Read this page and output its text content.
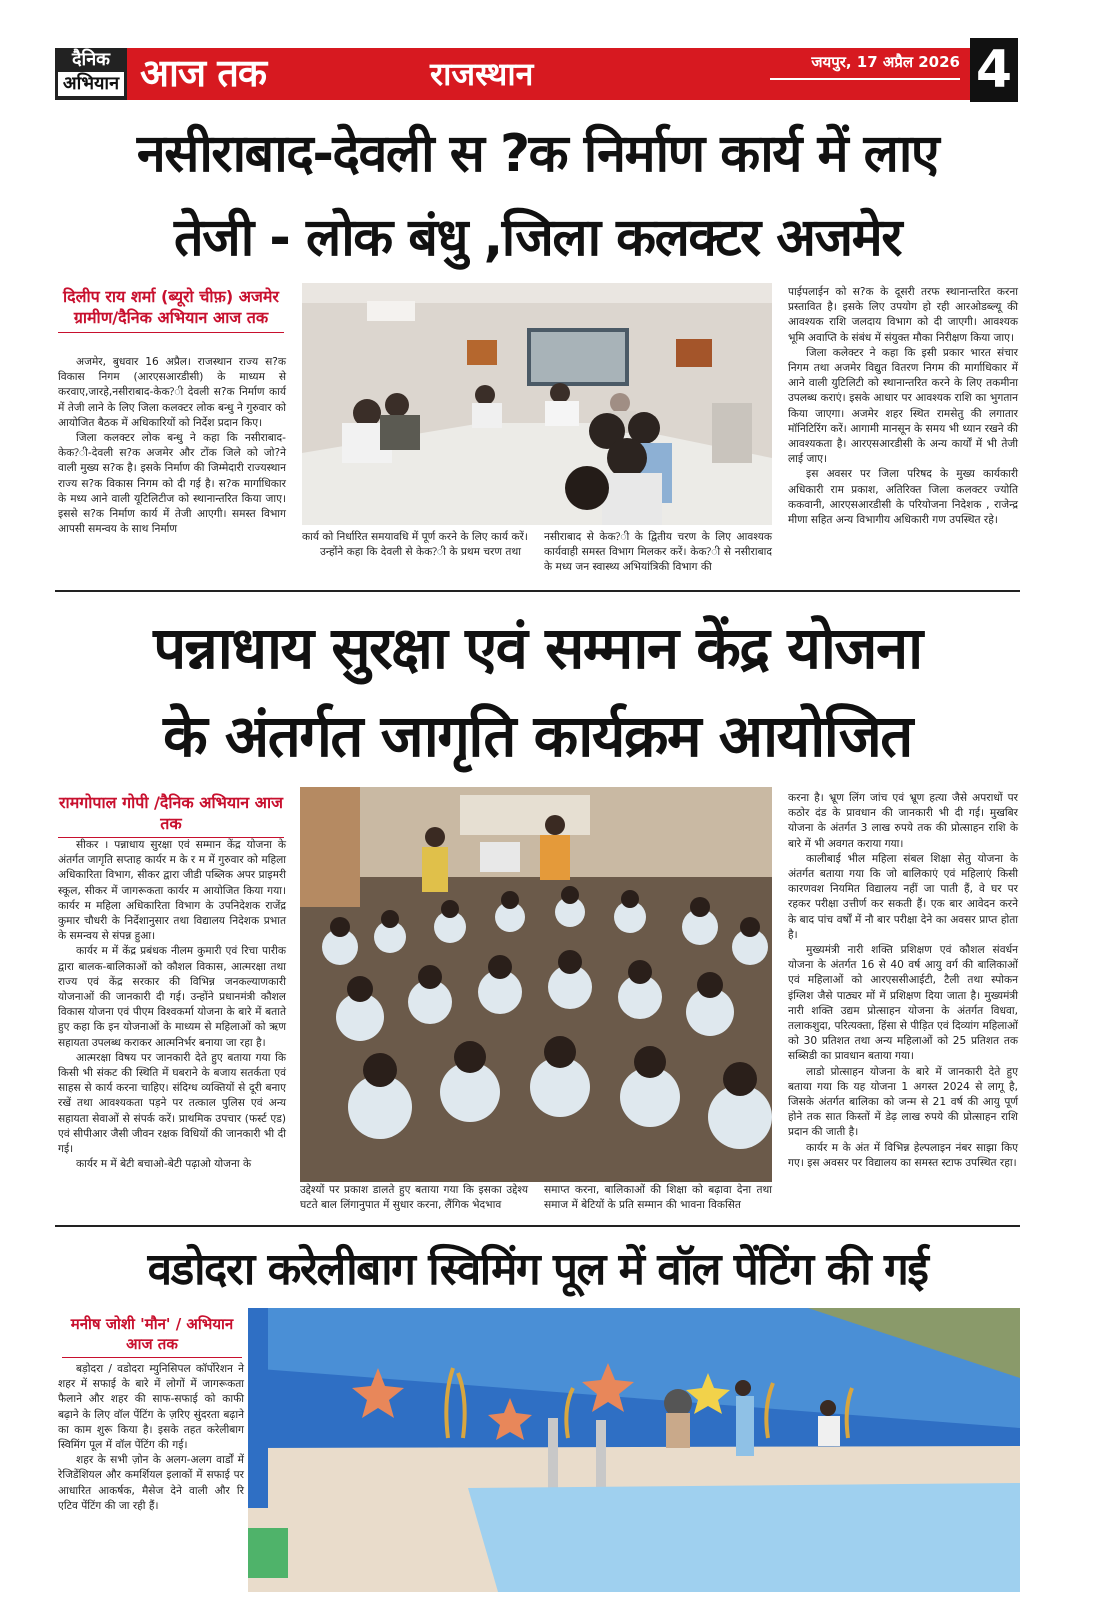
दैनिक
अभियान आज तक	राजस्थान	जयपुर, 17 अप्रैल 2026 4
नसीराबाद-देवली स ?क निर्माण कार्य में लाए
तेजी - लोक बंधु ,जिला कलक्टर अजमेर
दिलीप राय शर्मा (ब्यूरो चीफ़) अजमेर ग्रामीण/दैनिक अभियान आज तक

अजमेर, बुधवार 16 अप्रैल। राजस्थान राज्य स?क विकास निगम (आरएसआरडीसी) के माध्यम से करवाए,जारहे,नसीराबाद-केक?ी देवली स?क निर्माण कार्य में तेजी लाने के लिए जिला कलक्टर लोक बन्धु ने गुरुवार को आयोजित बैठक में अधिकारियों को निर्देश प्रदान किए।

जिला कलक्टर लोक बन्धु ने कहा कि नसीराबाद-केक?ी-देवली स?क अजमेर और टोंक जिले को जो?ने वाली मुख्य स?क है। इसके निर्माण की जिम्मेदारी राज्यस्थान राज्य स?क विकास निगम को दी गई है। स?क मार्गाधिकार के मध्य आने वाली यूटिलिटीज को स्थानान्तरित किया जाए। इससे स?क निर्माण कार्य में तेजी आएगी। समस्त विभाग आपसी समन्वय के साथ निर्माण

कार्य को निर्धारित समयावधि में पूर्ण करने के लिए कार्य करें।

उन्होंने कहा कि देवली से केक?ी के प्रथम चरण तथा

नसीराबाद से केक?ी के द्वितीय चरण के लिए आवश्यक कार्यवाही समस्त विभाग मिलकर करें। केक?ी से नसीराबाद के मध्य जन स्वास्थ्य अभियांत्रिकी विभाग की

पाईपलाईन को स?क के दूसरी तरफ स्थानान्तरित करना प्रस्तावित है। इसके लिए उपयोग हो रही आरओडब्ल्यू की आवश्यक राशि जलदाय विभाग को दी जाएगी। आवश्यक भूमि अवाप्ति के संबंध में संयुक्त मौका निरीक्षण किया जाए।

जिला कलेक्टर ने कहा कि इसी प्रकार भारत संचार निगम तथा अजमेर विद्युत वितरण निगम की मार्गाधिकार में आने वाली युटिलिटी को स्थानान्तरित करने के लिए तकमीना उपलब्ध कराएं। इसके आधार पर आवश्यक राशि का भुगतान किया जाएगा। अजमेर शहर स्थित रामसेतु की लगातार मॉनिटिरिंग करें। आगामी मानसून के समय भी ध्यान रखने की आवश्यकता है। आरएसआरडीसी के अन्य कार्यों में भी तेजी लाई जाए।

इस अवसर पर जिला परिषद के मुख्य कार्यकारी अधिकारी राम प्रकाश, अतिरिक्त जिला कलक्टर ज्योति ककवानी, आरएसआरडीसी के परियोजना निदेशक , राजेन्द्र मीणा सहित अन्य विभागीय अधिकारी गण उपस्थित रहे।

पन्नाधाय सुरक्षा एवं सम्मान केंद्र योजना
के अंतर्गत जागृति कार्यक्रम आयोजित
रामगोपाल गोपी /दैनिक अभियान आज तक

सीकर । पन्नाधाय सुरक्षा एवं सम्मान केंद्र योजना के अंतर्गत जागृति सप्ताह कार्यर म के र म में गुरुवार को महिला अधिकारिता विभाग, सीकर द्वारा जीडी पब्लिक अपर प्राइमरी स्कूल, सीकर में जागरूकता कार्यर म आयोजित किया गया। कार्यर म महिला अधिकारिता विभाग के उपनिदेशक राजेंद्र कुमार चौधरी के निर्देशानुसार तथा विद्यालय निदेशक प्रभात के समन्वय से संपन्न हुआ।

कार्यर म में केंद्र प्रबंधक नीलम कुमारी एवं रिचा पारीक द्वारा बालक-बालिकाओं को कौशल विकास, आत्मरक्षा तथा राज्य एवं केंद्र सरकार की विभिन्न जनकल्याणकारी योजनाओं की जानकारी दी गई। उन्होंने प्रधानमंत्री कौशल विकास योजना एवं पीएम विश्वकर्मा योजना के बारे में बताते हुए कहा कि इन योजनाओं के माध्यम से महिलाओं को ऋण सहायता उपलब्ध कराकर आत्मनिर्भर बनाया जा रहा है।

आत्मरक्षा विषय पर जानकारी देते हुए बताया गया कि किसी भी संकट की स्थिति में घबराने के बजाय सतर्कता एवं साहस से कार्य करना चाहिए। संदिग्ध व्यक्तियों से दूरी बनाए रखें तथा आवश्यकता पड़ने पर तत्काल पुलिस एवं अन्य सहायता सेवाओं से संपर्क करें। प्राथमिक उपचार (फर्स्ट एड) एवं सीपीआर जैसी जीवन रक्षक विधियों की जानकारी भी दी गई।

कार्यर म में बेटी बचाओ-बेटी पढ़ाओ योजना के

उद्देश्यों पर प्रकाश डालते हुए बताया गया कि इसका उद्देश्य घटते बाल लिंगानुपात में सुधार करना, लैंगिक भेदभाव

समाप्त करना, बालिकाओं की शिक्षा को बढ़ावा देना तथा समाज में बेटियों के प्रति सम्मान की भावना विकसित

करना है। भ्रूण लिंग जांच एवं भ्रूण हत्या जैसे अपराधों पर कठोर दंड के प्रावधान की जानकारी भी दी गई। मुखबिर योजना के अंतर्गत 3 लाख रुपये तक की प्रोत्साहन राशि के बारे में भी अवगत कराया गया।

कालीबाई भील महिला संबल शिक्षा सेतु योजना के अंतर्गत बताया गया कि जो बालिकाएं एवं महिलाएं किसी कारणवश नियमित विद्यालय नहीं जा पाती हैं, वे घर पर रहकर परीक्षा उत्तीर्ण कर सकती हैं। एक बार आवेदन करने के बाद पांच वर्षों में नौ बार परीक्षा देने का अवसर प्राप्त होता है।

मुख्यमंत्री नारी शक्ति प्रशिक्षण एवं कौशल संवर्धन योजना के अंतर्गत 16 से 40 वर्ष आयु वर्ग की बालिकाओं एवं महिलाओं को आरएससीआईटी, टैली तथा स्पोकन इंग्लिश जैसे पाठ्यर मों में प्रशिक्षण दिया जाता है। मुख्यमंत्री नारी शक्ति उद्यम प्रोत्साहन योजना के अंतर्गत विधवा, तलाकशुदा, परित्यक्ता, हिंसा से पीड़ित एवं दिव्यांग महिलाओं को 30 प्रतिशत तथा अन्य महिलाओं को 25 प्रतिशत तक सब्सिडी का प्रावधान बताया गया।

लाडो प्रोत्साहन योजना के बारे में जानकारी देते हुए बताया गया कि यह योजना 1 अगस्त 2024 से लागू है, जिसके अंतर्गत बालिका को जन्म से 21 वर्ष की आयु पूर्ण होने तक सात किस्तों में डेढ़ लाख रुपये की प्रोत्साहन राशि प्रदान की जाती है।

कार्यर म के अंत में विभिन्न हेल्पलाइन नंबर साझा किए गए। इस अवसर पर विद्यालय का समस्त स्टाफ उपस्थित रहा।

वडोदरा करेलीबाग स्विमिंग पूल में वॉल पेंटिंग की गई
मनीष जोशी 'मौन' / अभियान आज तक

बड़ोदरा / वडोदरा म्युनिसिपल कॉर्पोरेशन ने शहर में सफाई के बारे में लोगों में जागरूकता फैलाने और शहर की साफ-सफाई को काफी बढ़ाने के लिए वॉल पेंटिंग के ज़रिए सुंदरता बढ़ाने का काम शुरू किया है। इसके तहत करेलीबाग स्विमिंग पूल में वॉल पेंटिंग की गई।

शहर के सभी ज़ोन के अलग-अलग वार्डों में रेजिडेंशियल और कमर्शियल इलाकों में सफाई पर आधारित आकर्षक, मैसेज देने वाली और रि एटिव पेंटिंग की जा रही हैं।
